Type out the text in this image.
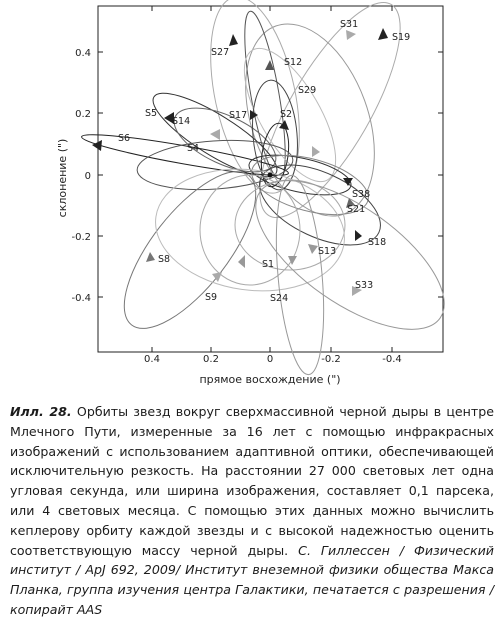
0.4	0.2	0	-0.2	-0.4
0.4
0.2
0
-0.2
-0.4
прямое восхождение (")
склонение (")
S31
S19
S27
S12
S29
S5
S14
S17	S2
S6
S4
S38
S21
S18
S8
S13
S1
S33
S9	S24

Илл. 28. Орбиты звезд вокруг сверхмассивной черной дыры в центре Млечного Пути, измеренные за 16 лет с помощью инфракрасных изображений с использованием адаптивной оптики, обеспечивающей исключительную резкость. На расстоянии 27 000 световых лет одна угловая секунда, или ширина изображения, составляет 0,1 парсека, или 4 световых месяца. С помощью этих данных можно вычислить кеплерову орбиту каждой звезды и с высокой надежностью оценить соответствующую массу черной дыры. С. Гиллессен / Физический институт / ApJ 692, 2009/ Институт внеземной физики общества Макса Планка, группа изучения центра Галактики, печатается с разрешения / копирайт AAS
